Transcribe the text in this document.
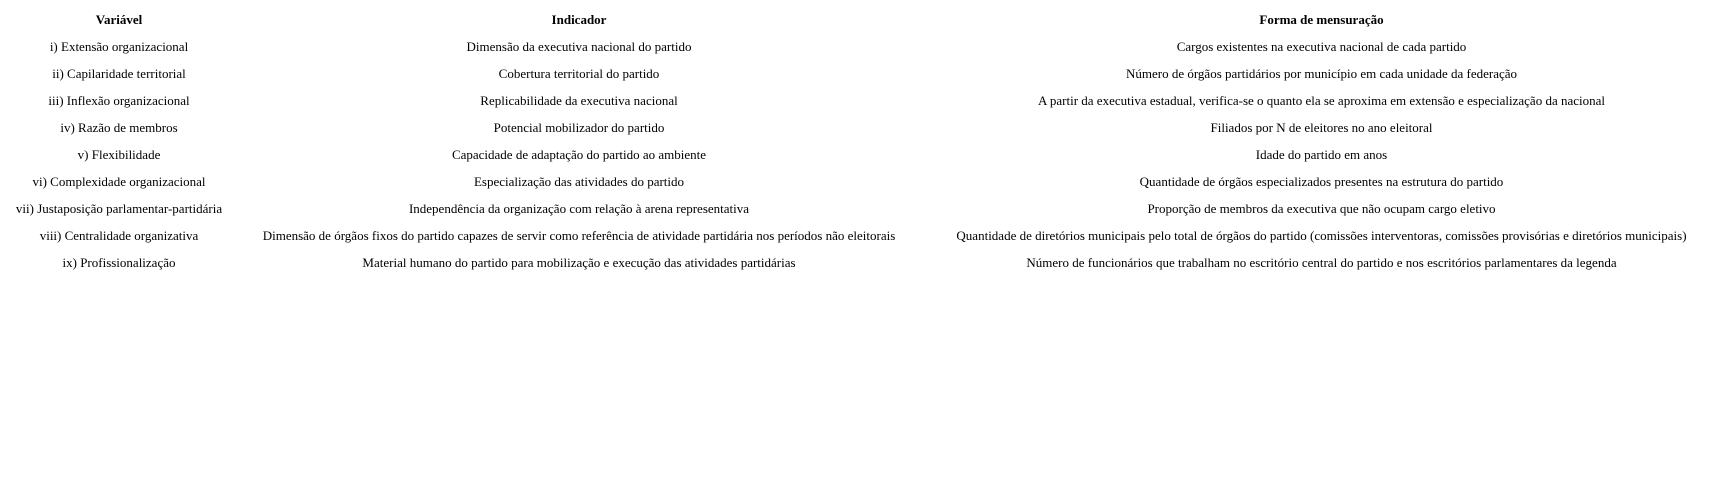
Variável	Indicador	Forma de mensuração
i) Extensão organizacional	Dimensão da executiva nacional do partido	Cargos existentes na executiva nacional de cada partido
ii) Capilaridade territorial	Cobertura territorial do partido	Número de órgãos partidários por município em cada unidade da federação
iii) Inflexão organizacional	Replicabilidade da executiva nacional	A partir da executiva estadual, verifica-se o quanto ela se aproxima em extensão e especialização da nacional
iv) Razão de membros	Potencial mobilizador do partido	Filiados por N de eleitores no ano eleitoral
v) Flexibilidade	Capacidade de adaptação do partido ao ambiente	Idade do partido em anos
vi) Complexidade organizacional	Especialização das atividades do partido	Quantidade de órgãos especializados presentes na estrutura do partido
vii) Justaposição parlamentar-partidária	Independência da organização com relação à arena representativa	Proporção de membros da executiva que não ocupam cargo eletivo
viii) Centralidade organizativa	Dimensão de órgãos fixos do partido capazes de servir como referência de atividade partidária nos períodos não eleitorais	Quantidade de diretórios municipais pelo total de órgãos do partido (comissões interventoras, comissões provisórias e diretórios municipais)
ix) Profissionalização	Material humano do partido para mobilização e execução das atividades partidárias	Número de funcionários que trabalham no escritório central do partido e nos escritórios parlamentares da legenda
